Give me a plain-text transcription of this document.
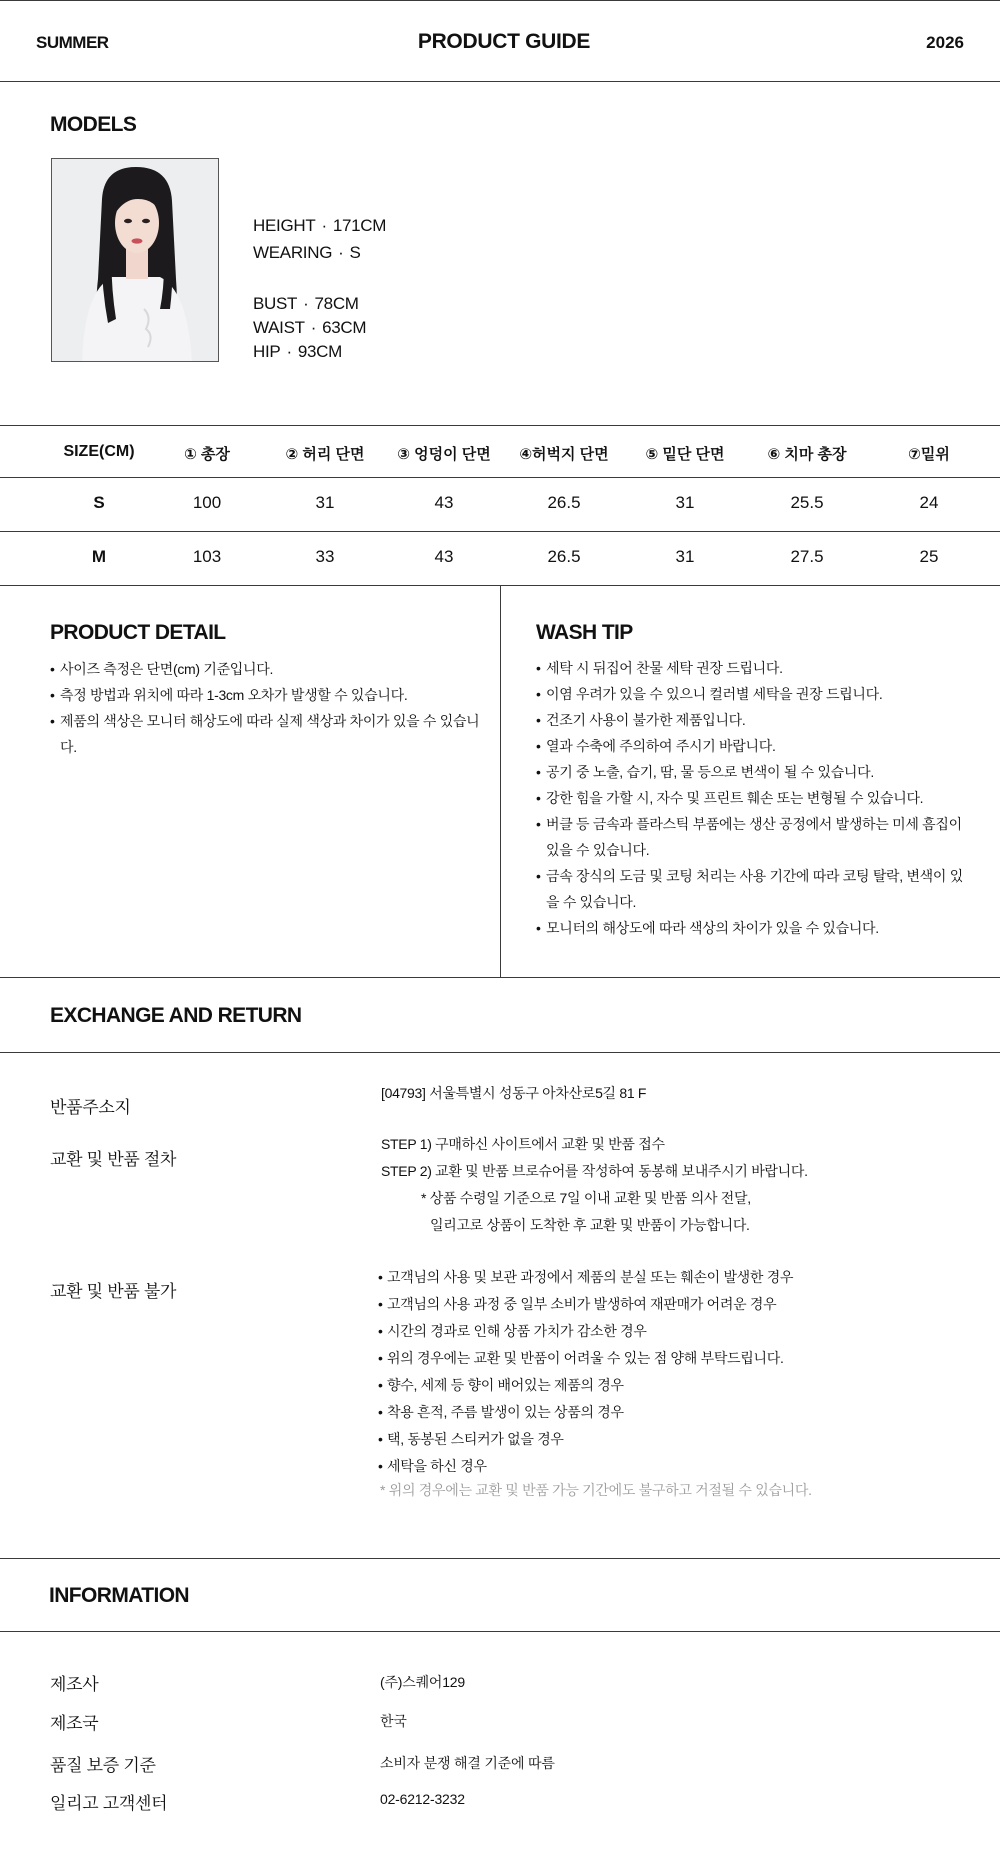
SUMMER	PRODUCT GUIDE	2026
MODELS
HEIGHT · 171CM
WEARING · S
BUST · 78CM
WAIST · 63CM
HIP · 93CM
SIZE(CM)	① 총장	② 허리 단면	③ 엉덩이 단면	④허벅지 단면	⑤ 밑단 단면	⑥ 치마 총장	⑦밑위
S	100	31	43	26.5	31	25.5	24
M	103	33	43	26.5	31	27.5	25
PRODUCT DETAIL
• 사이즈 측정은 단면(cm) 기준입니다.
• 측정 방법과 위치에 따라 1-3cm 오차가 발생할 수 있습니다.
• 제품의 색상은 모니터 해상도에 따라 실제 색상과 차이가 있을 수 있습니다.
WASH TIP
• 세탁 시 뒤집어 찬물 세탁 권장 드립니다.
• 이염 우려가 있을 수 있으니 컬러별 세탁을 권장 드립니다.
• 건조기 사용이 불가한 제품입니다.
• 열과 수축에 주의하여 주시기 바랍니다.
• 공기 중 노출, 습기, 땀, 물 등으로 변색이 될 수 있습니다.
• 강한 힘을 가할 시, 자수 및 프린트 훼손 또는 변형될 수 있습니다.
• 버클 등 금속과 플라스틱 부품에는 생산 공정에서 발생하는 미세 흠집이 있을 수 있습니다.
• 금속 장식의 도금 및 코팅 처리는 사용 기간에 따라 코팅 탈락, 변색이 있을 수 있습니다.
• 모니터의 해상도에 따라 색상의 차이가 있을 수 있습니다.
EXCHANGE AND RETURN
반품주소지
[04793] 서울특별시 성동구 아차산로5길 81 F
교환 및 반품 절차
STEP 1) 구매하신 사이트에서 교환 및 반품 접수
STEP 2) 교환 및 반품 브로슈어를 작성하여 동봉해 보내주시기 바랍니다.
* 상품 수령일 기준으로 7일 이내 교환 및 반품 의사 전달,
일리고로 상품이 도착한 후 교환 및 반품이 가능합니다.
교환 및 반품 불가
• 고객님의 사용 및 보관 과정에서 제품의 분실 또는 훼손이 발생한 경우
• 고객님의 사용 과정 중 일부 소비가 발생하여 재판매가 어려운 경우
• 시간의 경과로 인해 상품 가치가 감소한 경우
• 위의 경우에는 교환 및 반품이 어려울 수 있는 점 양해 부탁드립니다.
• 향수, 세제 등 향이 배어있는 제품의 경우
• 착용 흔적, 주름 발생이 있는 상품의 경우
• 택, 동봉된 스티커가 없을 경우
• 세탁을 하신 경우
* 위의 경우에는 교환 및 반품 가능 기간에도 불구하고 거절될 수 있습니다.
INFORMATION
제조사	(주)스퀘어129
제조국	한국
품질 보증 기준	소비자 분쟁 해결 기준에 따름
일리고 고객센터	02-6212-3232
